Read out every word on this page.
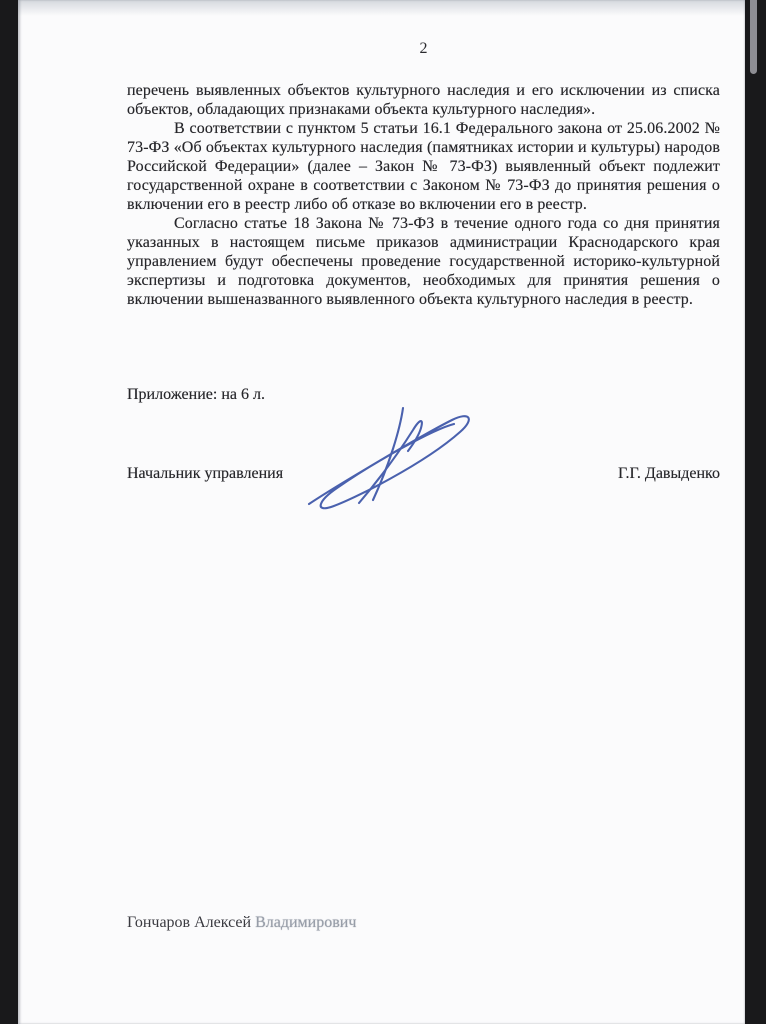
2

перечень выявленных объектов культурного наследия и его исключении из списка объектов, обладающих признаками объекта культурного наследия».

В соответствии с пунктом 5 статьи 16.1 Федерального закона от 25.06.2002 № 73-ФЗ «Об объектах культурного наследия (памятниках истории и культуры) народов Российской Федерации» (далее – Закон № 73-ФЗ) выявленный объект подлежит государственной охране в соответствии с Законом № 73-ФЗ до принятия решения о включении его в реестр либо об отказе во включении его в реестр.

Согласно статье 18 Закона № 73-ФЗ в течение одного года со дня принятия указанных в настоящем письме приказов администрации Краснодарского края управлением будут обеспечены проведение государственной историко-культурной экспертизы и подготовка документов, необходимых для принятия решения о включении вышеназванного выявленного объекта культурного наследия в реестр.

Приложение: на 6 л.
Начальник управления	Г.Г. Давыденко
Гончаров Алексей Владимирович
